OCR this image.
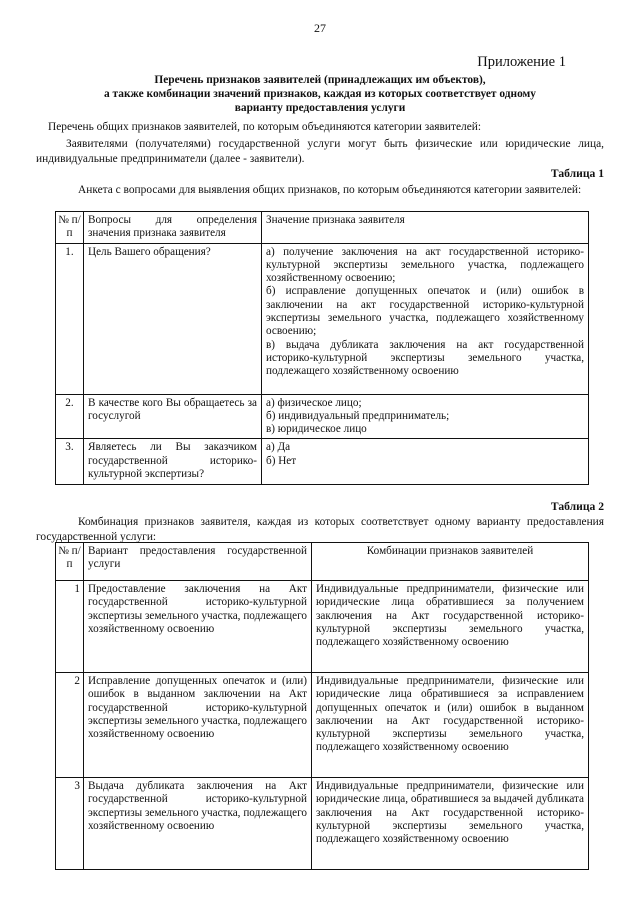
27
Приложение 1
Перечень признаков заявителей (принадлежащих им объектов),
а также комбинации значений признаков, каждая из которых соответствует одному
варианту предоставления услуги
Перечень общих признаков заявителей, по которым объединяются категории заявителей:
Заявителями (получателями) государственной услуги могут быть физические или юридические лица, индивидуальные предприниматели (далее - заявители).
Таблица 1
Анкета с вопросами для выявления общих признаков, по которым объединяются категории заявителей:
№ п/п	Вопросы для определения значения признака заявителя	Значение признака заявителя
1.	Цель Вашего обращения?	а) получение заключения на акт государственной историко-культурной экспертизы земельного участка, подлежащего хозяйственному освоению;
б) исправление допущенных опечаток и (или) ошибок в заключении на акт государственной историко-культурной экспертизы земельного участка, подлежащего хозяйственному освоению;
в) выдача дубликата заключения на акт государственной историко-культурной экспертизы земельного участка, подлежащего хозяйственному освоению

2.	В качестве кого Вы обращаетесь за госуслугой	а) физическое лицо;
б) индивидуальный предприниматель;
в) юридическое лицо

3.	Являетесь ли Вы заказчиком государственной историко-культурной экспертизы?	а) Да
б) Нет
Таблица 2
Комбинация признаков заявителя, каждая из которых соответствует одному варианту предоставления государственной услуги:
№ п/п	Вариант предоставления государственной услуги	Комбинации признаков заявителей
1	Предоставление заключения на Акт государственной историко-культурной экспертизы земельного участка, подлежащего хозяйственному освоению	Индивидуальные предприниматели, физические или юридические лица обратившиеся за получением заключения на Акт государственной историко-культурной экспертизы земельного участка, подлежащего хозяйственному освоению
2	Исправление допущенных опечаток и (или) ошибок в выданном заключении на Акт государственной историко-культурной экспертизы земельного участка, подлежащего хозяйственному освоению	Индивидуальные предприниматели, физические или юридические лица обратившиеся за исправлением допущенных опечаток и (или) ошибок в выданном заключении на Акт государственной историко-культурной экспертизы земельного участка, подлежащего хозяйственному освоению
3	Выдача дубликата заключения на Акт государственной историко-культурной экспертизы земельного участка, подлежащего хозяйственному освоению	Индивидуальные предприниматели, физические или юридические лица, обратившиеся за выдачей дубликата заключения на Акт государственной историко-культурной экспертизы земельного участка, подлежащего хозяйственному освоению
